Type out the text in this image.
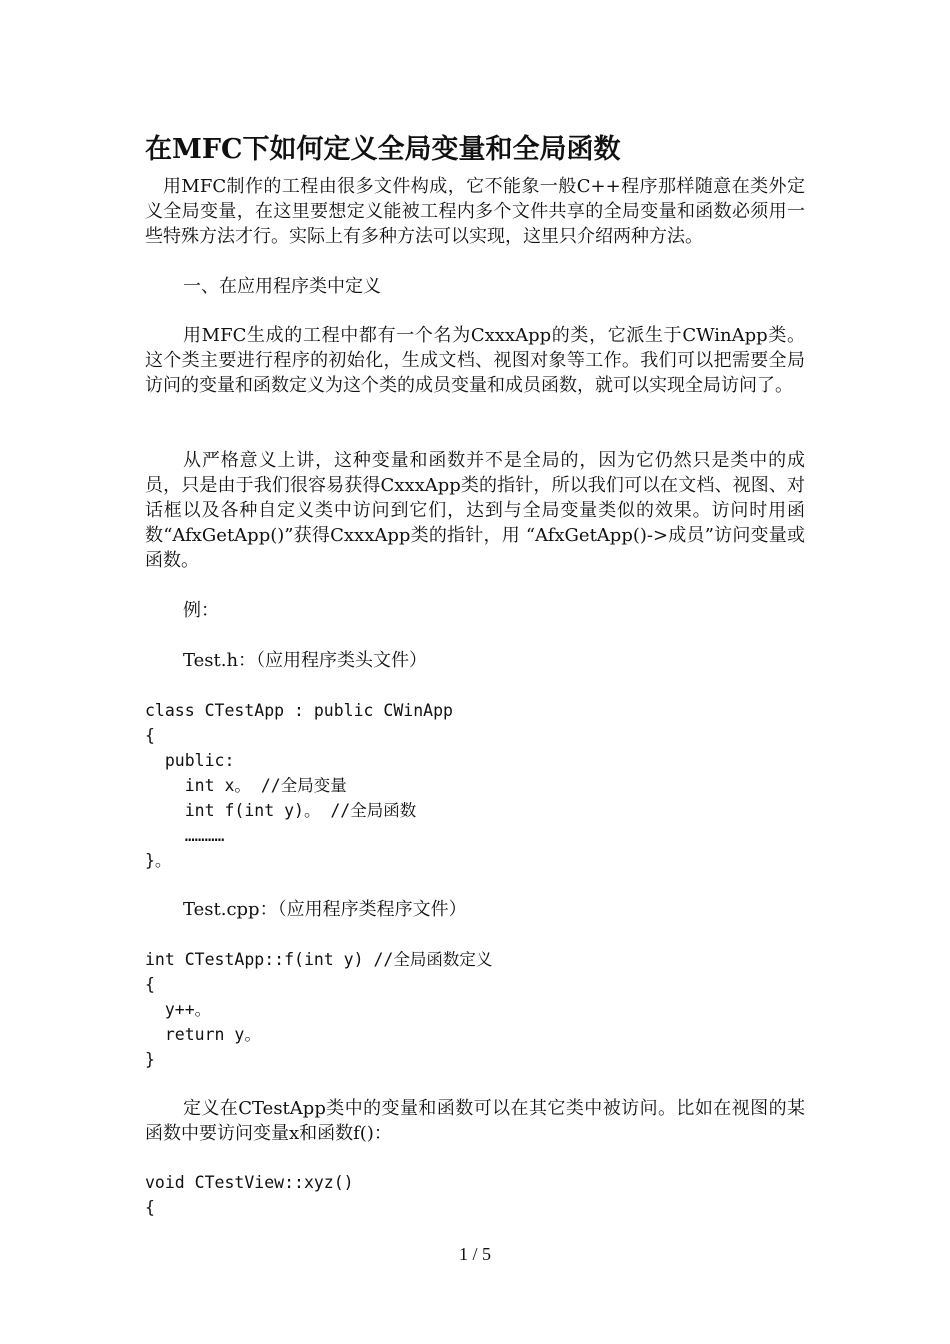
在MFC下如何定义全局变量和全局函数

用MFC制作的工程由很多文件构成，它不能象一般C++程序那样随意在类外定义全局变量，在这里要想定义能被工程内多个文件共享的全局变量和函数必须用一些特殊方法才行。实际上有多种方法可以实现，这里只介绍两种方法。

一、在应用程序类中定义

用MFC生成的工程中都有一个名为CxxxApp的类，它派生于CWinApp类。这个类主要进行程序的初始化，生成文档、视图对象等工作。我们可以把需要全局访问的变量和函数定义为这个类的成员变量和成员函数，就可以实现全局访问了。

从严格意义上讲，这种变量和函数并不是全局的，因为它仍然只是类中的成员，只是由于我们很容易获得CxxxApp类的指针，所以我们可以在文档、视图、对话框以及各种自定义类中访问到它们，达到与全局变量类似的效果。访问时用函数“AfxGetApp()”获得CxxxApp类的指针，用 “AfxGetApp()->成员”访问变量或函数。

例：
Test.h：（应用程序类头文件）
class CTestApp : public CWinApp
{
public:
int x。 //全局变量
int f(int y)。 //全局函数
…………
}。
Test.cpp：（应用程序类程序文件）
int CTestApp::f(int y) //全局函数定义
{
y++。
return y。
}

定义在CTestApp类中的变量和函数可以在其它类中被访问。比如在视图的某函数中要访问变量x和函数f()：

void CTestView::xyz()
{
1 / 5
